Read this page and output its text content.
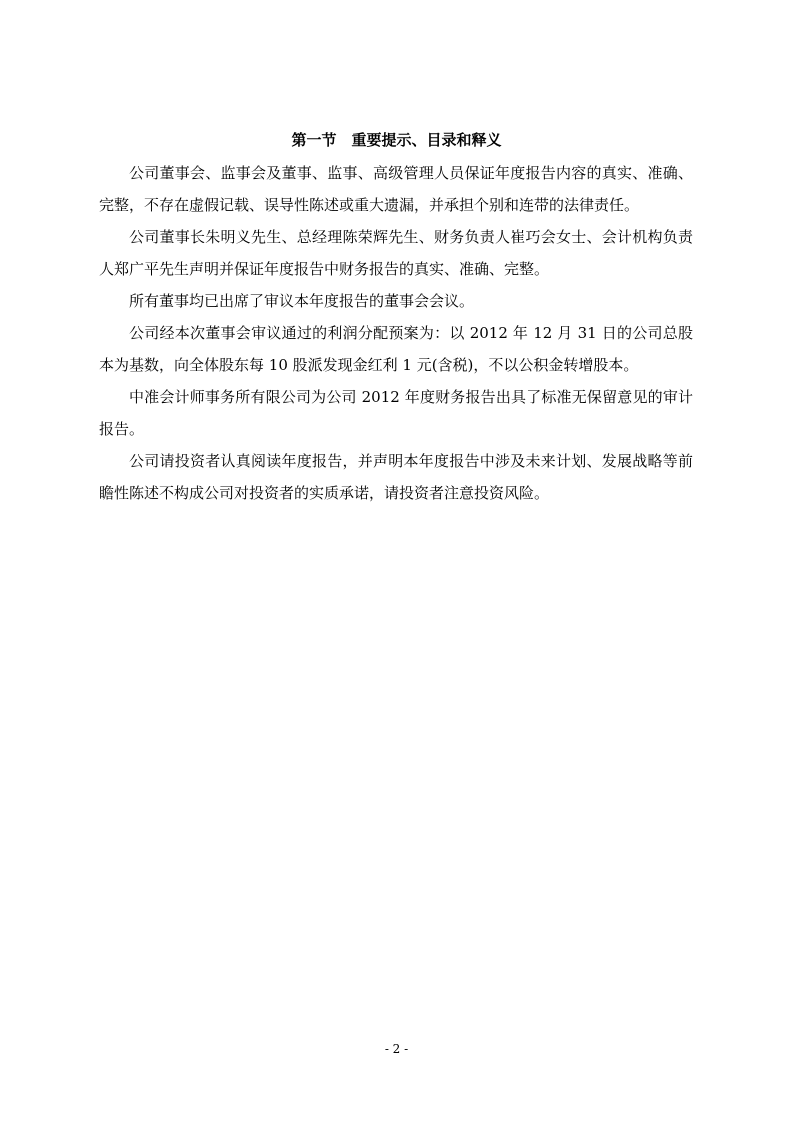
第一节　重要提示、目录和释义

公司董事会、监事会及董事、监事、高级管理人员保证年度报告内容的真实、准确、完整，不存在虚假记载、误导性陈述或重大遗漏，并承担个别和连带的法律责任。

公司董事长朱明义先生、总经理陈荣辉先生、财务负责人崔巧会女士、会计机构负责人郑广平先生声明并保证年度报告中财务报告的真实、准确、完整。

所有董事均已出席了审议本年度报告的董事会会议。

公司经本次董事会审议通过的利润分配预案为：以 2012 年 12 月 31 日的公司总股本为基数，向全体股东每 10 股派发现金红利 1 元(含税)，不以公积金转增股本。

中准会计师事务所有限公司为公司 2012 年度财务报告出具了标准无保留意见的审计报告。

公司请投资者认真阅读年度报告，并声明本年度报告中涉及未来计划、发展战略等前瞻性陈述不构成公司对投资者的实质承诺，请投资者注意投资风险。

- 2 -
